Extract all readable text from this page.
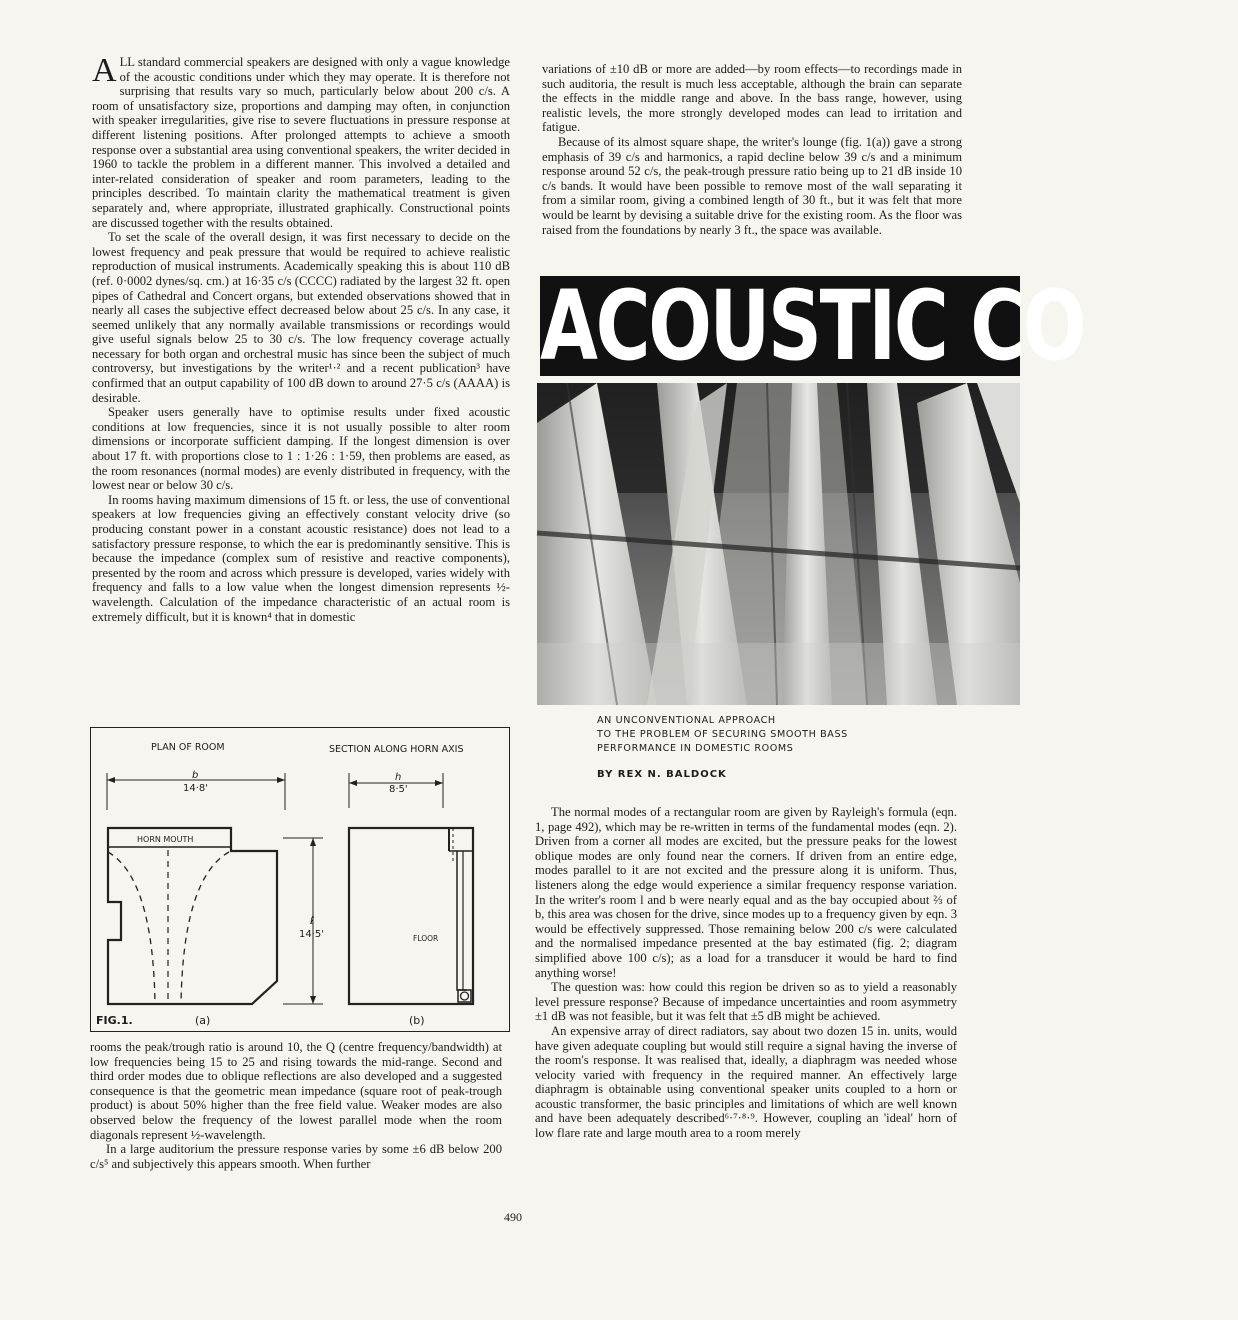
ALL standard commercial speakers are designed with only a vague knowledge of the acoustic conditions under which they may operate. It is therefore not surprising that results vary so much, particularly below about 200 c/s. A room of unsatisfactory size, proportions and damping may often, in conjunction with speaker irregularities, give rise to severe fluctuations in pressure response at different listening positions. After prolonged attempts to achieve a smooth response over a substantial area using conventional speakers, the writer decided in 1960 to tackle the problem in a different manner. This involved a detailed and inter-related consideration of speaker and room parameters, leading to the principles described. To maintain clarity the mathematical treatment is given separately and, where appropriate, illustrated graphically. Constructional points are discussed together with the results obtained.

To set the scale of the overall design, it was first necessary to decide on the lowest frequency and peak pressure that would be required to achieve realistic reproduction of musical instruments. Academically speaking this is about 110 dB (ref. 0·0002 dynes/sq. cm.) at 16·35 c/s (CCCC) radiated by the largest 32 ft. open pipes of Cathedral and Concert organs, but extended observations showed that in nearly all cases the subjective effect decreased below about 25 c/s. In any case, it seemed unlikely that any normally available transmissions or recordings would give useful signals below 25 to 30 c/s. The low frequency coverage actually necessary for both organ and orchestral music has since been the subject of much controversy, but investigations by the writer¹·² and a recent publication³ have confirmed that an output capability of 100 dB down to around 27·5 c/s (AAAA) is desirable.

Speaker users generally have to optimise results under fixed acoustic conditions at low frequencies, since it is not usually possible to alter room dimensions or incorporate sufficient damping. If the longest dimension is over about 17 ft. with proportions close to 1 : 1·26 : 1·59, then problems are eased, as the room resonances (normal modes) are evenly distributed in frequency, with the lowest near or below 30 c/s.

In rooms having maximum dimensions of 15 ft. or less, the use of conventional speakers at low frequencies giving an effectively constant velocity drive (so producing constant power in a constant acoustic resistance) does not lead to a satisfactory pressure response, to which the ear is predominantly sensitive. This is because the impedance (complex sum of resistive and reactive components), presented by the room and across which pressure is developed, varies widely with frequency and falls to a low value when the longest dimension represents ½-wavelength. Calculation of the impedance characteristic of an actual room is extremely difficult, but it is known⁴ that in domestic

PLAN OF ROOM	SECTION ALONG HORN AXIS
b
14·8'
HORN MOUTH
ℓ
14·5'
h
8·5'
FLOOR
FIG.1.	(a)	(b)

rooms the peak/trough ratio is around 10, the Q (centre frequency/bandwidth) at low frequencies being 15 to 25 and rising towards the mid-range. Second and third order modes due to oblique reflections are also developed and a suggested consequence is that the geometric mean impedance (square root of peak-trough product) is about 50% higher than the free field value. Weaker modes are also observed below the frequency of the lowest parallel mode when the room diagonals represent ½-wavelength.

In a large auditorium the pressure response varies by some ±6 dB below 200 c/s⁵ and subjectively this appears smooth. When further

variations of ±10 dB or more are added—by room effects—to recordings made in such auditoria, the result is much less acceptable, although the brain can separate the effects in the middle range and above. In the bass range, however, using realistic levels, the more strongly developed modes can lead to irritation and fatigue.

Because of its almost square shape, the writer's lounge (fig. 1(a)) gave a strong emphasis of 39 c/s and harmonics, a rapid decline below 39 c/s and a minimum response around 52 c/s, the peak-trough pressure ratio being up to 21 dB inside 10 c/s bands. It would have been possible to remove most of the wall separating it from a similar room, giving a combined length of 30 ft., but it was felt that more would be learnt by devising a suitable drive for the existing room. As the floor was raised from the foundations by nearly 3 ft., the space was available.

ACOUSTIC CO
AN UNCONVENTIONAL APPROACH
TO THE PROBLEM OF SECURING SMOOTH BASS
PERFORMANCE IN DOMESTIC ROOMS
BY REX N. BALDOCK

The normal modes of a rectangular room are given by Rayleigh's formula (eqn. 1, page 492), which may be re-written in terms of the fundamental modes (eqn. 2). Driven from a corner all modes are excited, but the pressure peaks for the lowest oblique modes are only found near the corners. If driven from an entire edge, modes parallel to it are not excited and the pressure along it is uniform. Thus, listeners along the edge would experience a similar frequency response variation. In the writer's room l and b were nearly equal and as the bay occupied about ⅔ of b, this area was chosen for the drive, since modes up to a frequency given by eqn. 3 would be effectively suppressed. Those remaining below 200 c/s were calculated and the normalised impedance presented at the bay estimated (fig. 2; diagram simplified above 100 c/s); as a load for a transducer it would be hard to find anything worse!

The question was: how could this region be driven so as to yield a reasonably level pressure response? Because of impedance uncertainties and room asymmetry ±1 dB was not feasible, but it was felt that ±5 dB might be achieved.

An expensive array of direct radiators, say about two dozen 15 in. units, would have given adequate coupling but would still require a signal having the inverse of the room's response. It was realised that, ideally, a diaphragm was needed whose velocity varied with frequency in the required manner. An effectively large diaphragm is obtainable using conventional speaker units coupled to a horn or acoustic transformer, the basic principles and limitations of which are well known and have been adequately described⁶·⁷·⁸·⁹. However, coupling an 'ideal' horn of low flare rate and large mouth area to a room merely

490
